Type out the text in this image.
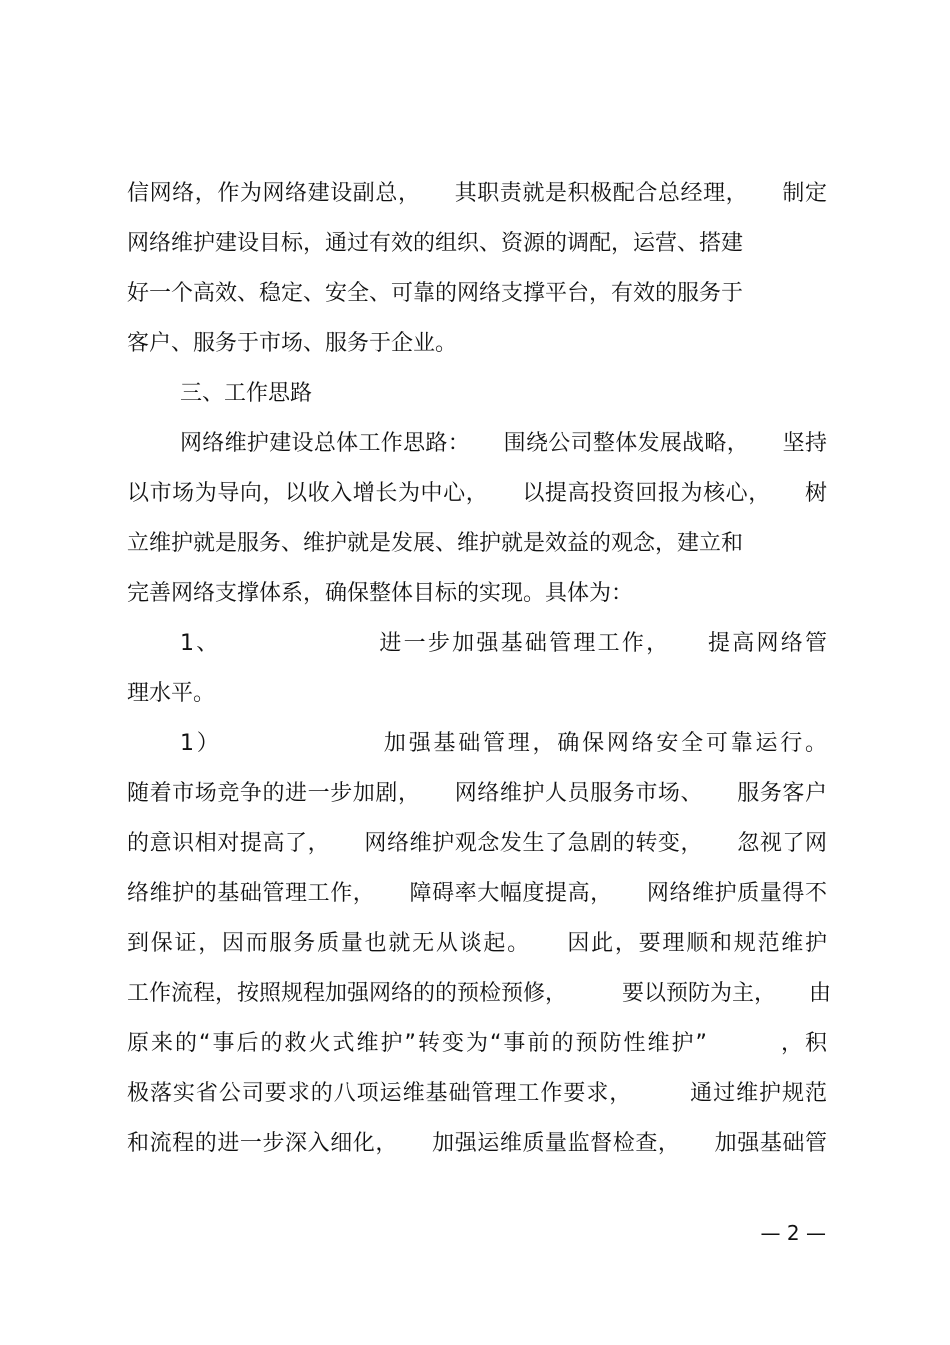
信网络，作为网络建设副总，　　其职责就是积极配合总经理，　　制定
网络维护建设目标，通过有效的组织、资源的调配，运营、搭建
好一个高效、稳定、安全、可靠的网络支撑平台，有效的服务于
客户、服务于市场、服务于企业。
三、工作思路
网络维护建设总体工作思路：　　围绕公司整体发展战略，　　坚持
以市场为导向，以收入增长为中心，　　以提高投资回报为核心，　　树
立维护就是服务、维护就是发展、维护就是效益的观念，建立和
完善网络支撑体系，确保整体目标的实现。具体为：
1、　　　　　　　进一步加强基础管理工作，　　提高网络管
理水平。
1）　　　　　　　加强基础管理，确保网络安全可靠运行。
随着市场竞争的进一步加剧，　　网络维护人员服务市场、　　服务客户
的意识相对提高了，　　网络维护观念发生了急剧的转变，　　忽视了网
络维护的基础管理工作，　　障碍率大幅度提高，　　网络维护质量得不
到保证，因而服务质量也就无从谈起。　　因此，要理顺和规范维护
工作流程，按照规程加强网络的的预检预修，　　　要以预防为主，　　由
原来的“事后的救火式维护”转变为“事前的预防性维护”　　　，积
极落实省公司要求的八项运维基础管理工作要求，　　　通过维护规范
和流程的进一步深入细化，　　加强运维质量监督检查，　　加强基础管
— 2 —
